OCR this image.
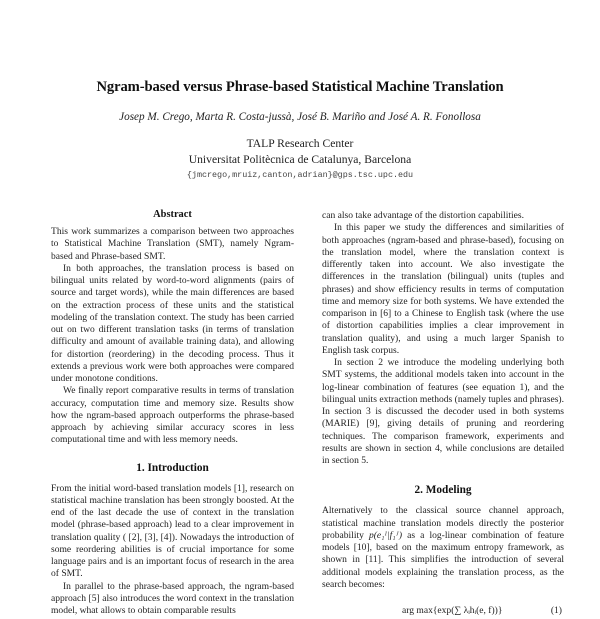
Ngram-based versus Phrase-based Statistical Machine Translation
Josep M. Crego, Marta R. Costa-jussà, José B. Mariño and José A. R. Fonollosa
TALP Research Center
Universitat Politècnica de Catalunya, Barcelona
{jmcrego,mruiz,canton,adrian}@gps.tsc.upc.edu
Abstract

This work summarizes a comparison between two approaches to Statistical Machine Translation (SMT), namely Ngram-based and Phrase-based SMT.

In both approaches, the translation process is based on bilingual units related by word-to-word alignments (pairs of source and target words), while the main differences are based on the extraction process of these units and the statistical modeling of the translation context. The study has been carried out on two different translation tasks (in terms of translation difficulty and amount of available training data), and allowing for distortion (reordering) in the decoding process. Thus it extends a previous work were both approaches were compared under monotone conditions.

We finally report comparative results in terms of translation accuracy, computation time and memory size. Results show how the ngram-based approach outperforms the phrase-based approach by achieving similar accuracy scores in less computational time and with less memory needs.

1. Introduction

From the initial word-based translation models [1], research on statistical machine translation has been strongly boosted. At the end of the last decade the use of context in the translation model (phrase-based approach) lead to a clear improvement in translation quality ( [2], [3], [4]). Nowadays the introduction of some reordering abilities is of crucial importance for some language pairs and is an important focus of research in the area of SMT.

In parallel to the phrase-based approach, the ngram-based approach [5] also introduces the word context in the translation model, what allows to obtain comparable results

can also take advantage of the distortion capabilities.

In this paper we study the differences and similarities of both approaches (ngram-based and phrase-based), focusing on the translation model, where the translation context is differently taken into account. We also investigate the differences in the translation (bilingual) units (tuples and phrases) and show efficiency results in terms of computation time and memory size for both systems. We have extended the comparison in [6] to a Chinese to English task (where the use of distortion capabilities implies a clear improvement in translation quality), and using a much larger Spanish to English task corpus.

In section 2 we introduce the modeling underlying both SMT systems, the additional models taken into account in the log-linear combination of features (see equation 1), and the bilingual units extraction methods (namely tuples and phrases). In section 3 is discussed the decoder used in both systems (MARIE) [9], giving details of pruning and reordering techniques. The comparison framework, experiments and results are shown in section 4, while conclusions are detailed in section 5.

2. Modeling

Alternatively to the classical source channel approach, statistical machine translation models directly the posterior probability p(e₁ᴵ|f₁ᴶ) as a log-linear combination of feature models [10], based on the maximum entropy framework, as shown in [11]. This simplifies the introduction of several additional models explaining the translation process, as the search becomes:

arg max{exp(∑ λᵢhᵢ(e, f))}	(1)
